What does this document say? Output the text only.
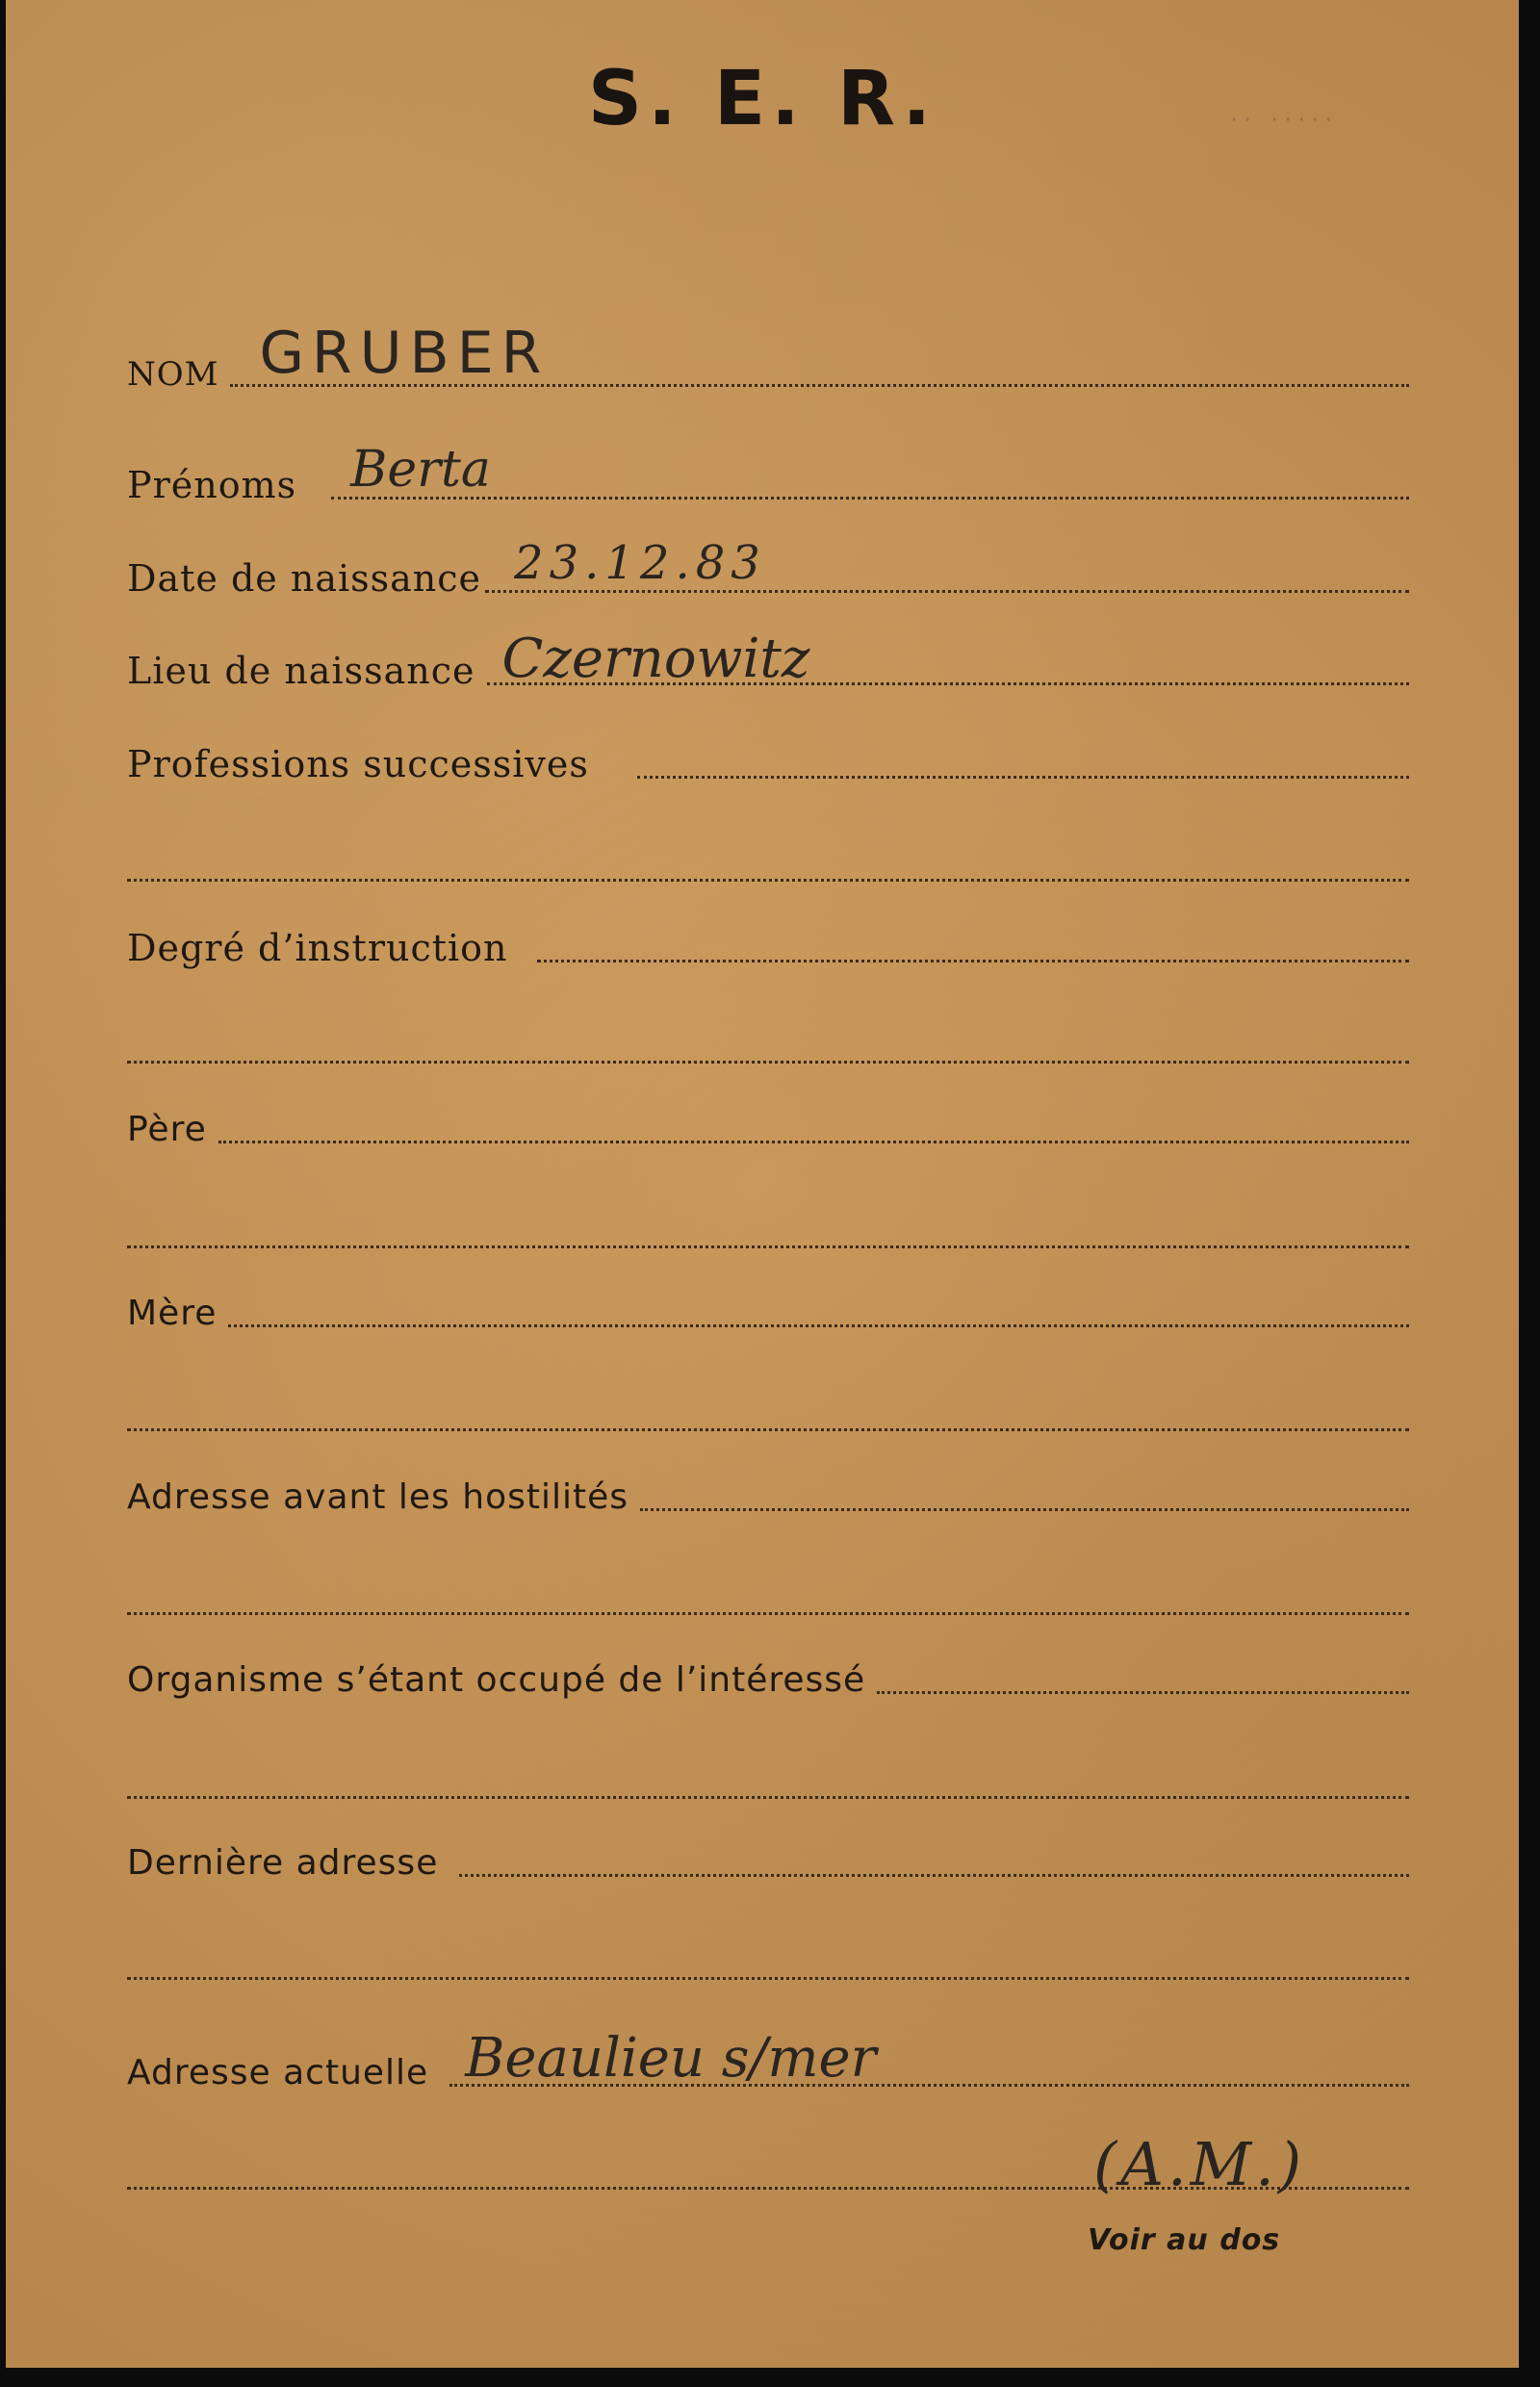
S. E. R.	·· ·····
NOM GRUBER
Prénoms Berta
Date de naissance 23.12.83
Lieu de naissance Czernowitz
Professions successives
Degré d’instruction
Père
Mère
Adresse avant les hostilités
Organisme s’étant occupé de l’intéressé
Dernière adresse
Adresse actuelle Beaulieu s/mer
(A.M.)
Voir au dos
